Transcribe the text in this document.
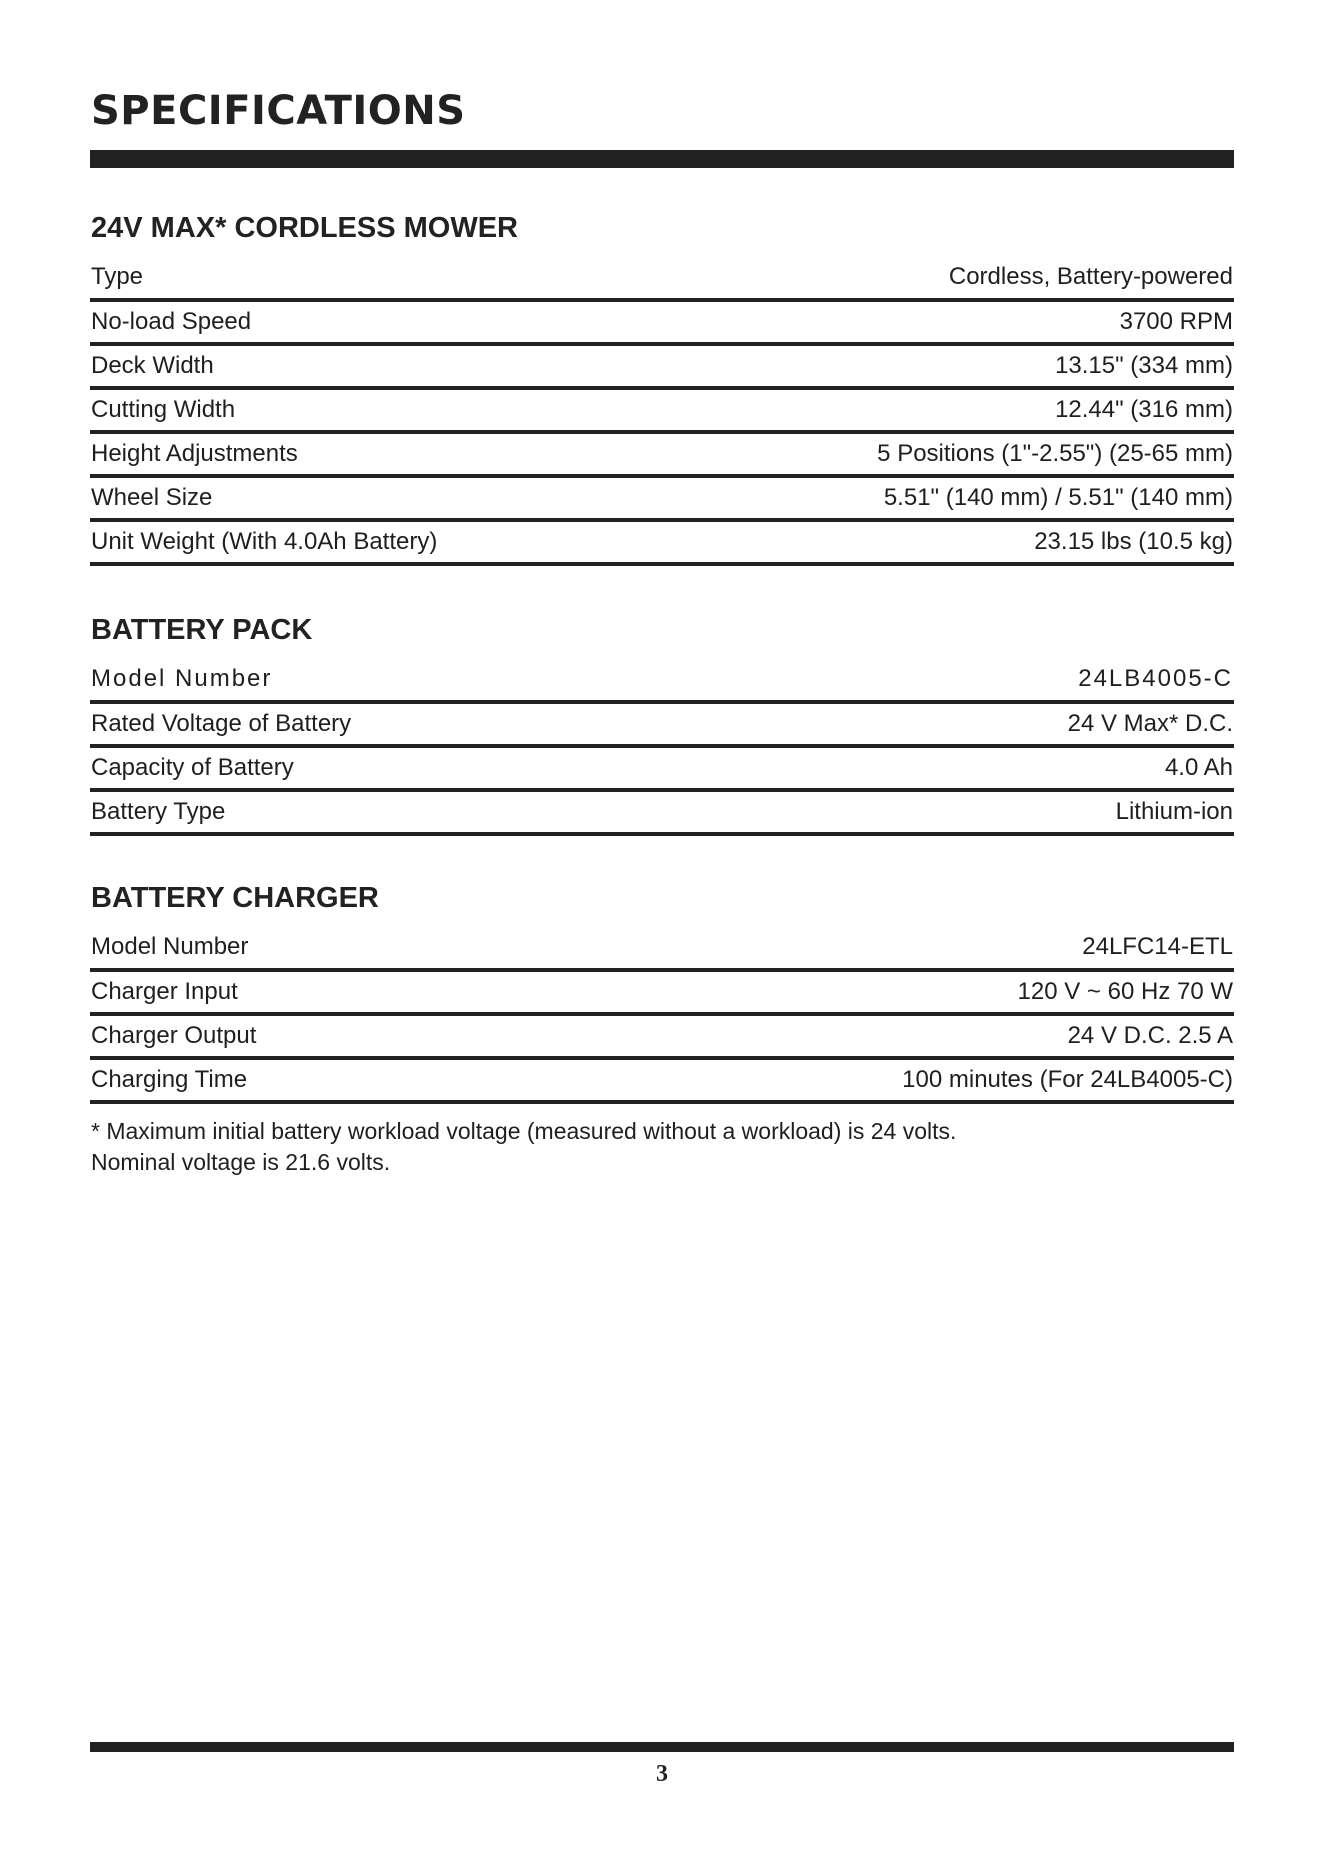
SPECIFICATIONS
24V MAX* CORDLESS MOWER
Type	Cordless, Battery-powered
No-load Speed	3700 RPM
Deck Width	13.15" (334 mm)
Cutting Width	12.44" (316 mm)
Height Adjustments	5 Positions (1"-2.55") (25-65 mm)
Wheel Size	5.51" (140 mm) / 5.51" (140 mm)
Unit Weight (With 4.0Ah Battery)	23.15 lbs (10.5 kg)
BATTERY PACK
Model Number	24LB4005-C
Rated Voltage of Battery	24 V Max* D.C.
Capacity of Battery	4.0 Ah
Battery Type	Lithium-ion
BATTERY CHARGER
Model Number	24LFC14-ETL
Charger Input	120 V ~ 60 Hz 70 W
Charger Output	24 V D.C. 2.5 A
Charging Time	100 minutes (For 24LB4005-C)

* Maximum initial battery workload voltage (measured without a workload) is 24 volts.

Nominal voltage is 21.6 volts.

3
